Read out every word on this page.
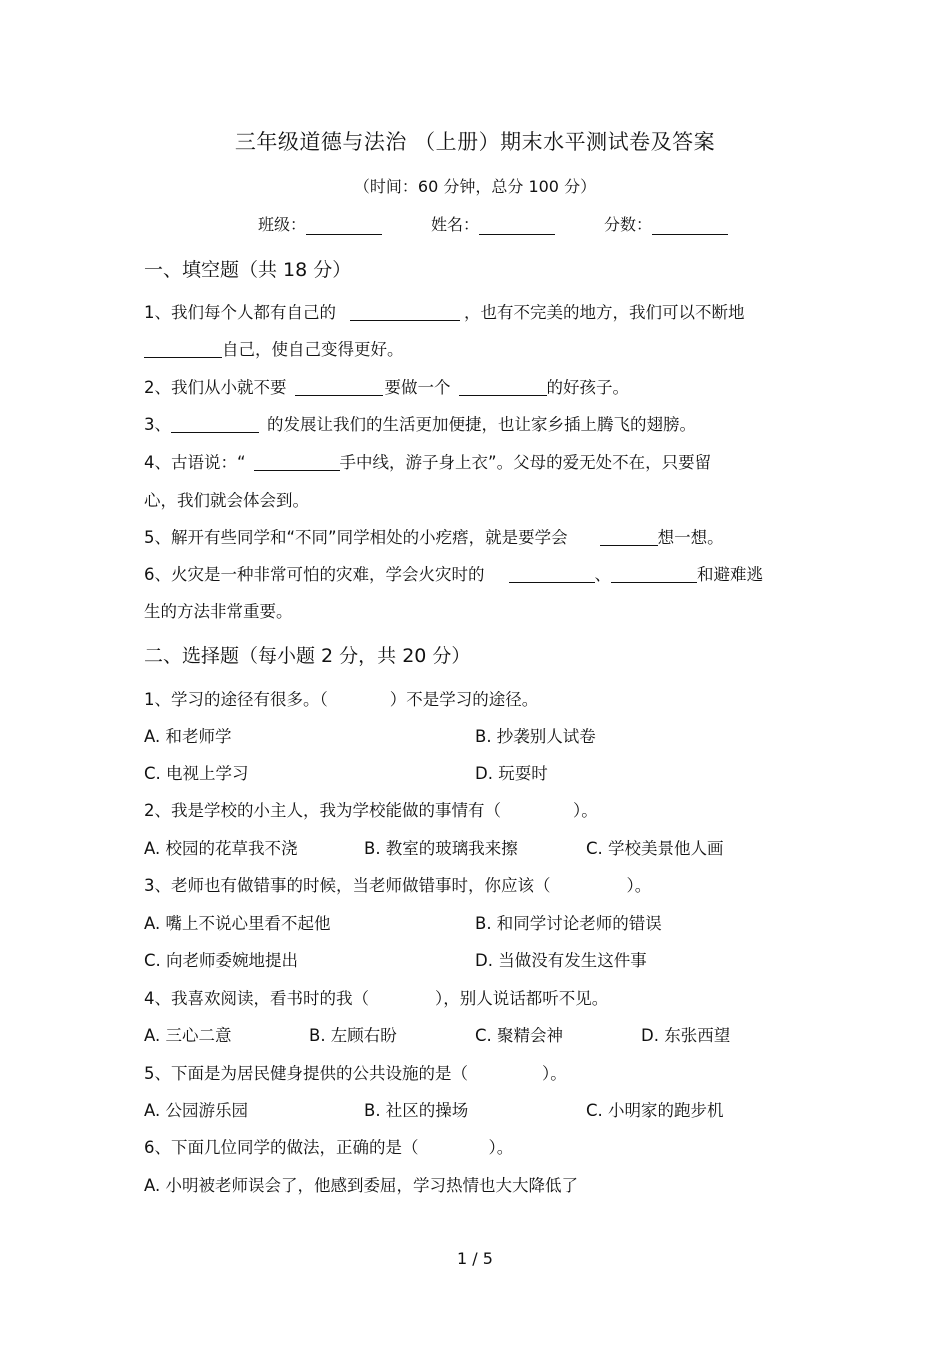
三年级道德与法治 （上册）期末水平测试卷及答案
（时间：60 分钟，总分 100 分）
班级：	姓名：	分数：
一、填空题（共 18 分）
1、我们每个人都有自己的	，也有不完美的地方，我们可以不断地
自己，使自己变得更好。
2、我们从小就不要	要做一个	的好孩子。
3、	的发展让我们的生活更加便捷，也让家乡插上腾飞的翅膀。
4、古语说：“	手中线，游子身上衣”。父母的爱无处不在，只要留
心，我们就会体会到。
5、解开有些同学和“不同”同学相处的小疙瘩，就是要学会	想一想。
6、火灾是一种非常可怕的灾难，学会火灾时的	、	和避难逃
生的方法非常重要。
二、选择题（每小题 2 分，共 20 分）
1、学习的途径有很多。（	）不是学习的途径。
A. 和老师学	B. 抄袭别人试卷
C. 电视上学习	D. 玩耍时
2、我是学校的小主人，我为学校能做的事情有（	）。
A. 校园的花草我不浇	B. 教室的玻璃我来擦	C. 学校美景他人画
3、老师也有做错事的时候，当老师做错事时，你应该（	）。
A. 嘴上不说心里看不起他	B. 和同学讨论老师的错误
C. 向老师委婉地提出	D. 当做没有发生这件事
4、我喜欢阅读，看书时的我（	），别人说话都听不见。
A. 三心二意	B. 左顾右盼	C. 聚精会神	D. 东张西望
5、下面是为居民健身提供的公共设施的是（	）。
A. 公园游乐园	B. 社区的操场	C. 小明家的跑步机
6、下面几位同学的做法，正确的是（	）。
A. 小明被老师误会了，他感到委屈，学习热情也大大降低了
1 / 5
